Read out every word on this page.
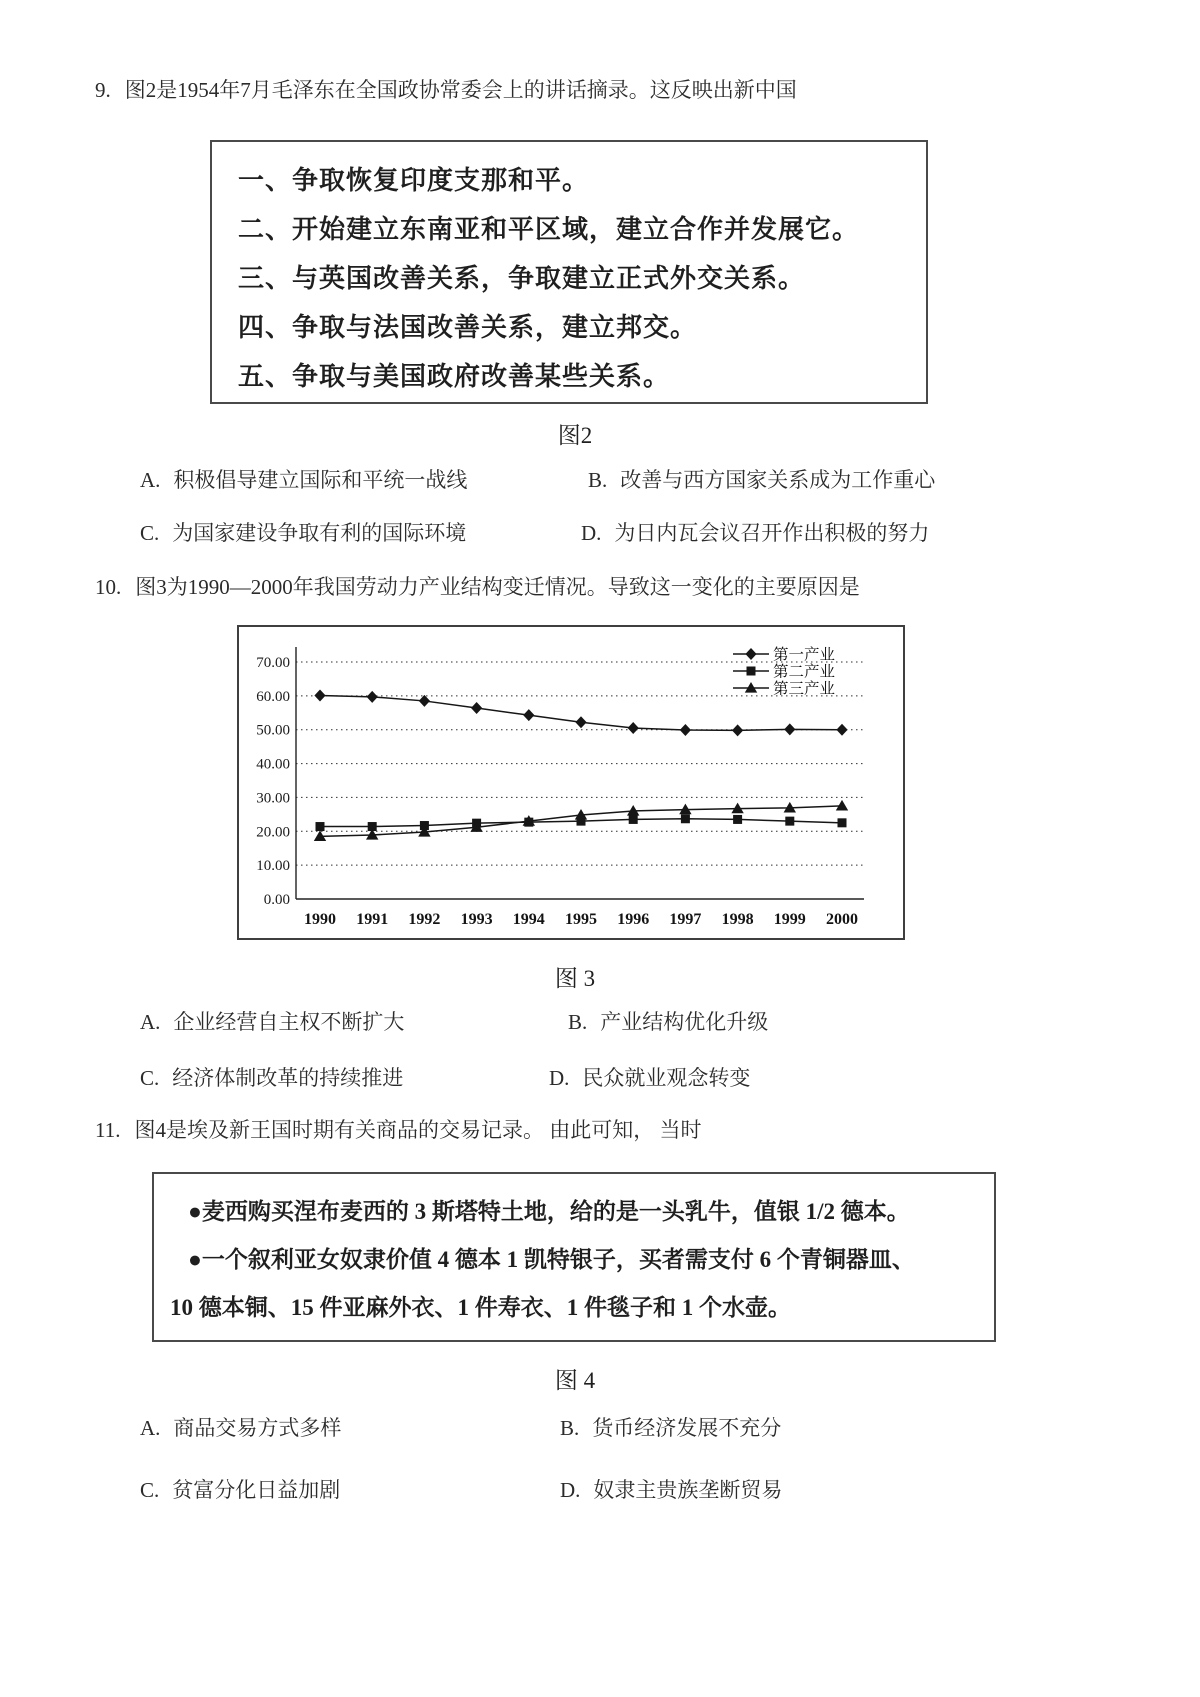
9. 图2是1954年7月毛泽东在全国政协常委会上的讲话摘录。这反映出新中国
一、争取恢复印度支那和平。
二、开始建立东南亚和平区域，建立合作并发展它。
三、与英国改善关系，争取建立正式外交关系。
四、争取与法国改善关系，建立邦交。
五、争取与美国政府改善某些关系。
图2
A. 积极倡导建立国际和平统一战线	B. 改善与西方国家关系成为工作重心
C. 为国家建设争取有利的国际环境	D. 为日内瓦会议召开作出积极的努力
10. 图3为1990—2000年我国劳动力产业结构变迁情况。导致这一变化的主要原因是
0.00
10.00
20.00
30.00
40.00
50.00
60.00
70.00
1990 1991 1992 1993 1994 1995 1996 1997 1998 1999 2000
第一产业
第二产业
第三产业
图 3
A. 企业经营自主权不断扩大	B. 产业结构优化升级
C. 经济体制改革的持续推进	D. 民众就业观念转变
11. 图4是埃及新王国时期有关商品的交易记录。 由此可知， 当时
●麦西购买涅布麦西的 3 斯塔特土地，给的是一头乳牛，值银 1/2 德本。
●一个叙利亚女奴隶价值 4 德本 1 凯特银子，买者需支付 6 个青铜器皿、
10 德本铜、15 件亚麻外衣、1 件寿衣、1 件毯子和 1 个水壶。
图 4
A. 商品交易方式多样	B. 货币经济发展不充分
C. 贫富分化日益加剧	D. 奴隶主贵族垄断贸易
